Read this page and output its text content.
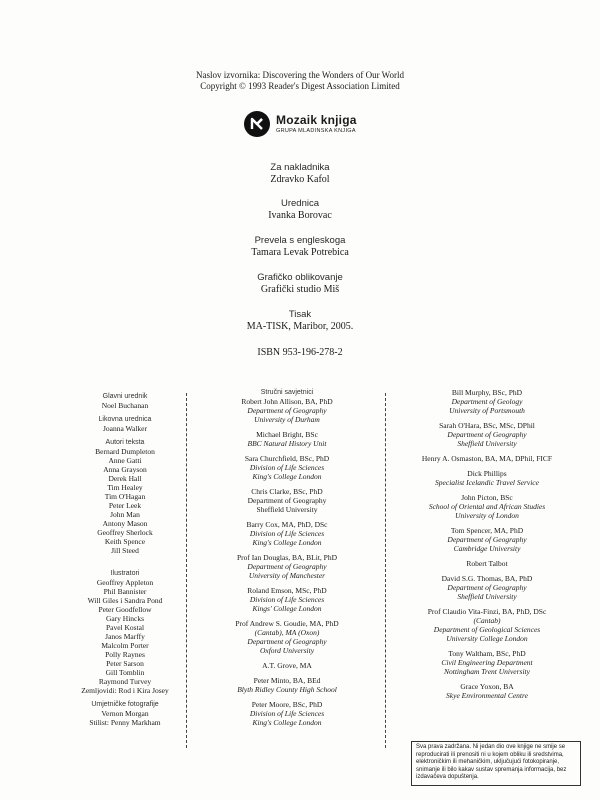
Naslov izvornika: Discovering the Wonders of Our World
Copyright © 1993 Reader's Digest Association Limited
Mozaik knjiga
GRUPA MLADINSKA KNJIGA
Za nakladnika
Zdravko Kafol
Urednica
Ivanka Borovac
Prevela s engleskoga
Tamara Levak Potrebica
Grafičko oblikovanje
Grafički studio Miš
Tisak
MA-TISK, Maribor, 2005.
ISBN 953-196-278-2
Glavni urednik
Noel Buchanan
Likovna urednica
Joanna Walker
Autori teksta
Bernard Dumpleton
Anne Gatti
Anna Grayson
Derek Hall
Tim Healey
Tim O'Hagan
Peter Leek
John Man
Antony Mason
Geoffrey Sherlock
Keith Spence
Jill Steed
Ilustratori
Geoffrey Appleton
Phil Bannister
Will Giles i Sandra Pond
Peter Goodfellow
Gary Hincks
Pavel Kostal
Janos Marffy
Malcolm Porter
Polly Raynes
Peter Sarson
Gill Tomblin
Raymond Turvey
Zemljovidi: Rod i Kira Josey
Umjetničke fotografije
Vernon Morgan
Stilist: Penny Markham
Stručni savjetnici
Robert John Allison, BA, PhD
Department of Geography
University of Durham
Michael Bright, BSc
BBC Natural History Unit
Sara Churchfield, BSc, PhD
Division of Life Sciences
King's College London
Chris Clarke, BSc, PhD
Department of Geography
Sheffield University
Barry Cox, MA, PhD, DSc
Division of Life Sciences
King's College London
Prof Ian Douglas, BA, BLit, PhD
Department of Geography
University of Manchester
Roland Emson, MSc, PhD
Division of Life Sciences
Kings' College London
Prof Andrew S. Goudie, MA, PhD
(Cantab), MA (Oxon)
Department of Geography
Oxford University
A.T. Grove, MA
Peter Minto, BA, BEd
Blyth Ridley County High School
Peter Moore, BSc, PhD
Division of Life Sciences
King's College London
Bill Murphy, BSc, PhD
Department of Geology
University of Portsmouth
Sarah O'Hara, BSc, MSc, DPhil
Department of Geography
Sheffield University
Henry A. Osmaston, BA, MA, DPhil, FICF
Dick Phillips
Specialist Icelandic Travel Service
John Picton, BSc
School of Oriental and African Studies
University of London
Tom Spencer, MA, PhD
Department of Geography
Cambridge University
Robert Talbot
David S.G. Thomas, BA, PhD
Department of Geography
Sheffield University
Prof Claudio Vita-Finzi, BA, PhD, DSc
(Cantab)
Department of Geological Sciences
University College London
Tony Waltham, BSc, PhD
Civil Engineering Department
Nottingham Trent University
Grace Yoxon, BA
Skye Environmental Centre
Sva prava zadržana. Ni jedan dio ove knjige ne smije se reproducirati ili prenositi ni u kojem obliku ili sredstvima, elektroničkim ili mehaničkim, uključujući fotokopiranje, snimanje ili bilo kakav sustav spremanja informacija, bez izdavačeva dopuštenja.
